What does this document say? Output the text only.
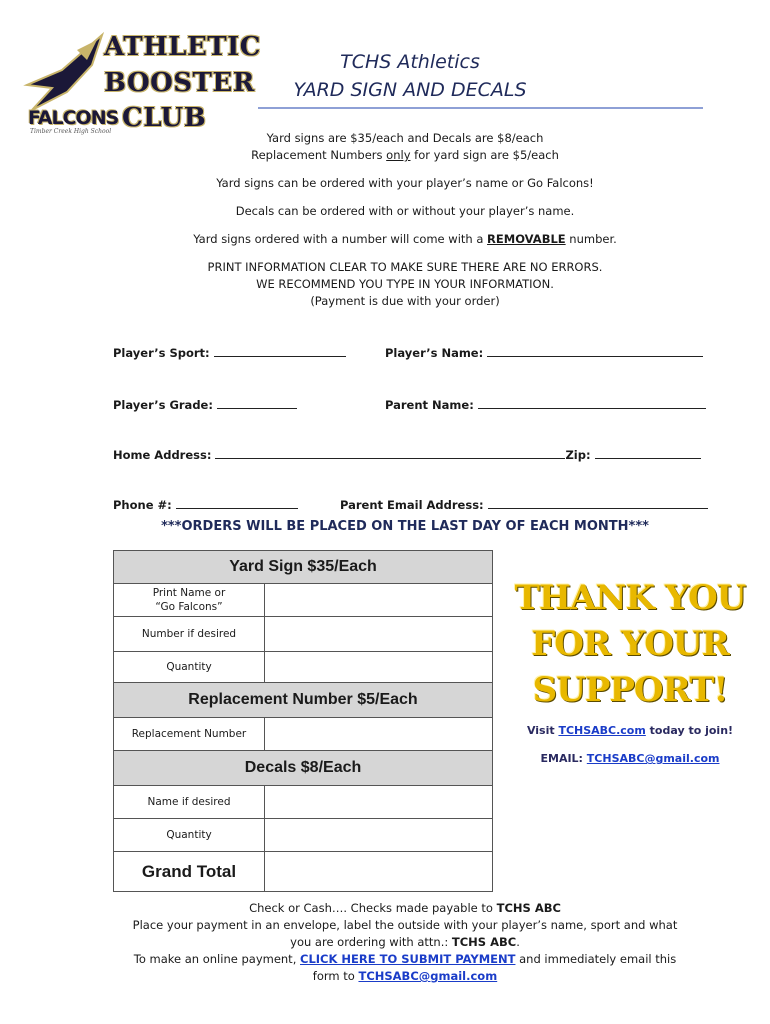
ATHLETIC
BOOSTER
FALCONS CLUB
Timber Creek High School
TCHS Athletics
YARD SIGN AND DECALS
Yard signs are $35/each and Decals are $8/each
Replacement Numbers only for yard sign are $5/each
Yard signs can be ordered with your player’s name or Go Falcons!
Decals can be ordered with or without your player’s name.
Yard signs ordered with a number will come with a REMOVABLE number.
PRINT INFORMATION CLEAR TO MAKE SURE THERE ARE NO ERRORS.
WE RECOMMEND YOU TYPE IN YOUR INFORMATION.
(Payment is due with your order)
Player’s Sport:	Player’s Name:
Player’s Grade:	Parent Name:
Home Address:	Zip:
Phone #:	Parent Email Address:
***ORDERS WILL BE PLACED ON THE LAST DAY OF EACH MONTH***
Yard Sign $35/Each
Print Name or
“Go Falcons”
Number if desired
Quantity
Replacement Number $5/Each
Replacement Number
Decals $8/Each
Name if desired
Quantity
Grand Total
THANK YOU
FOR YOUR
SUPPORT!
Visit TCHSABC.com today to join!
EMAIL: TCHSABC@gmail.com
Check or Cash…. Checks made payable to TCHS ABC
Place your payment in an envelope, label the outside with your player’s name, sport and what
you are ordering with attn.: TCHS ABC.
To make an online payment, CLICK HERE TO SUBMIT PAYMENT and immediately email this
form to TCHSABC@gmail.com
